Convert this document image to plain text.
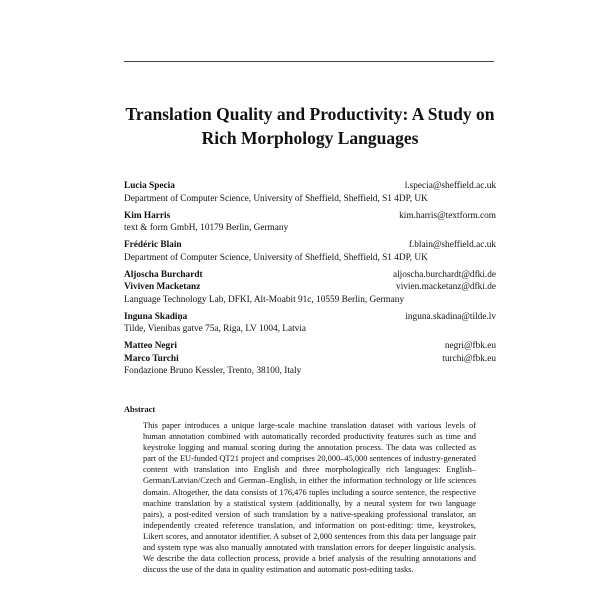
Translation Quality and Productivity: A Study on Rich Morphology Languages
Lucia Specia	l.specia@sheffield.ac.uk
Department of Computer Science, University of Sheffield, Sheffield, S1 4DP, UK
Kim Harris	kim.harris@textform.com
text & form GmbH, 10179 Berlin, Germany
Frédéric Blain	f.blain@sheffield.ac.uk
Department of Computer Science, University of Sheffield, Sheffield, S1 4DP, UK
Aljoscha Burchardt	aljoscha.burchardt@dfki.de
Viviven Macketanz	vivien.macketanz@dfki.de
Language Technology Lab, DFKI, Alt-Moabit 91c, 10559 Berlin, Germany
Inguna Skadiņa	inguna.skadina@tilde.lv
Tilde, Vienibas gatve 75a, Riga, LV 1004, Latvia
Matteo Negri	negri@fbk.eu
Marco Turchi	turchi@fbk.eu
Fondazione Bruno Kessler, Trento, 38100, Italy
Abstract
This paper introduces a unique large-scale machine translation dataset with various levels of human annotation combined with automatically recorded productivity features such as time and keystroke logging and manual scoring during the annotation process. The data was collected as part of the EU-funded QT21 project and comprises 20,000–45,000 sentences of industry-generated content with translation into English and three morphologically rich languages: English–German/Latvian/Czech and German–English, in either the information technology or life sciences domain. Altogether, the data consists of 176,476 tuples including a source sentence, the respective machine translation by a statistical system (additionally, by a neural system for two language pairs), a post-edited version of such translation by a native-speaking professional translator, an independently created reference translation, and information on post-editing: time, keystrokes, Likert scores, and annotator identifier. A subset of 2,000 sentences from this data per language pair and system type was also manually annotated with translation errors for deeper linguistic analysis. We describe the data collection process, provide a brief analysis of the resulting annotations and discuss the use of the data in quality estimation and automatic post-editing tasks.
